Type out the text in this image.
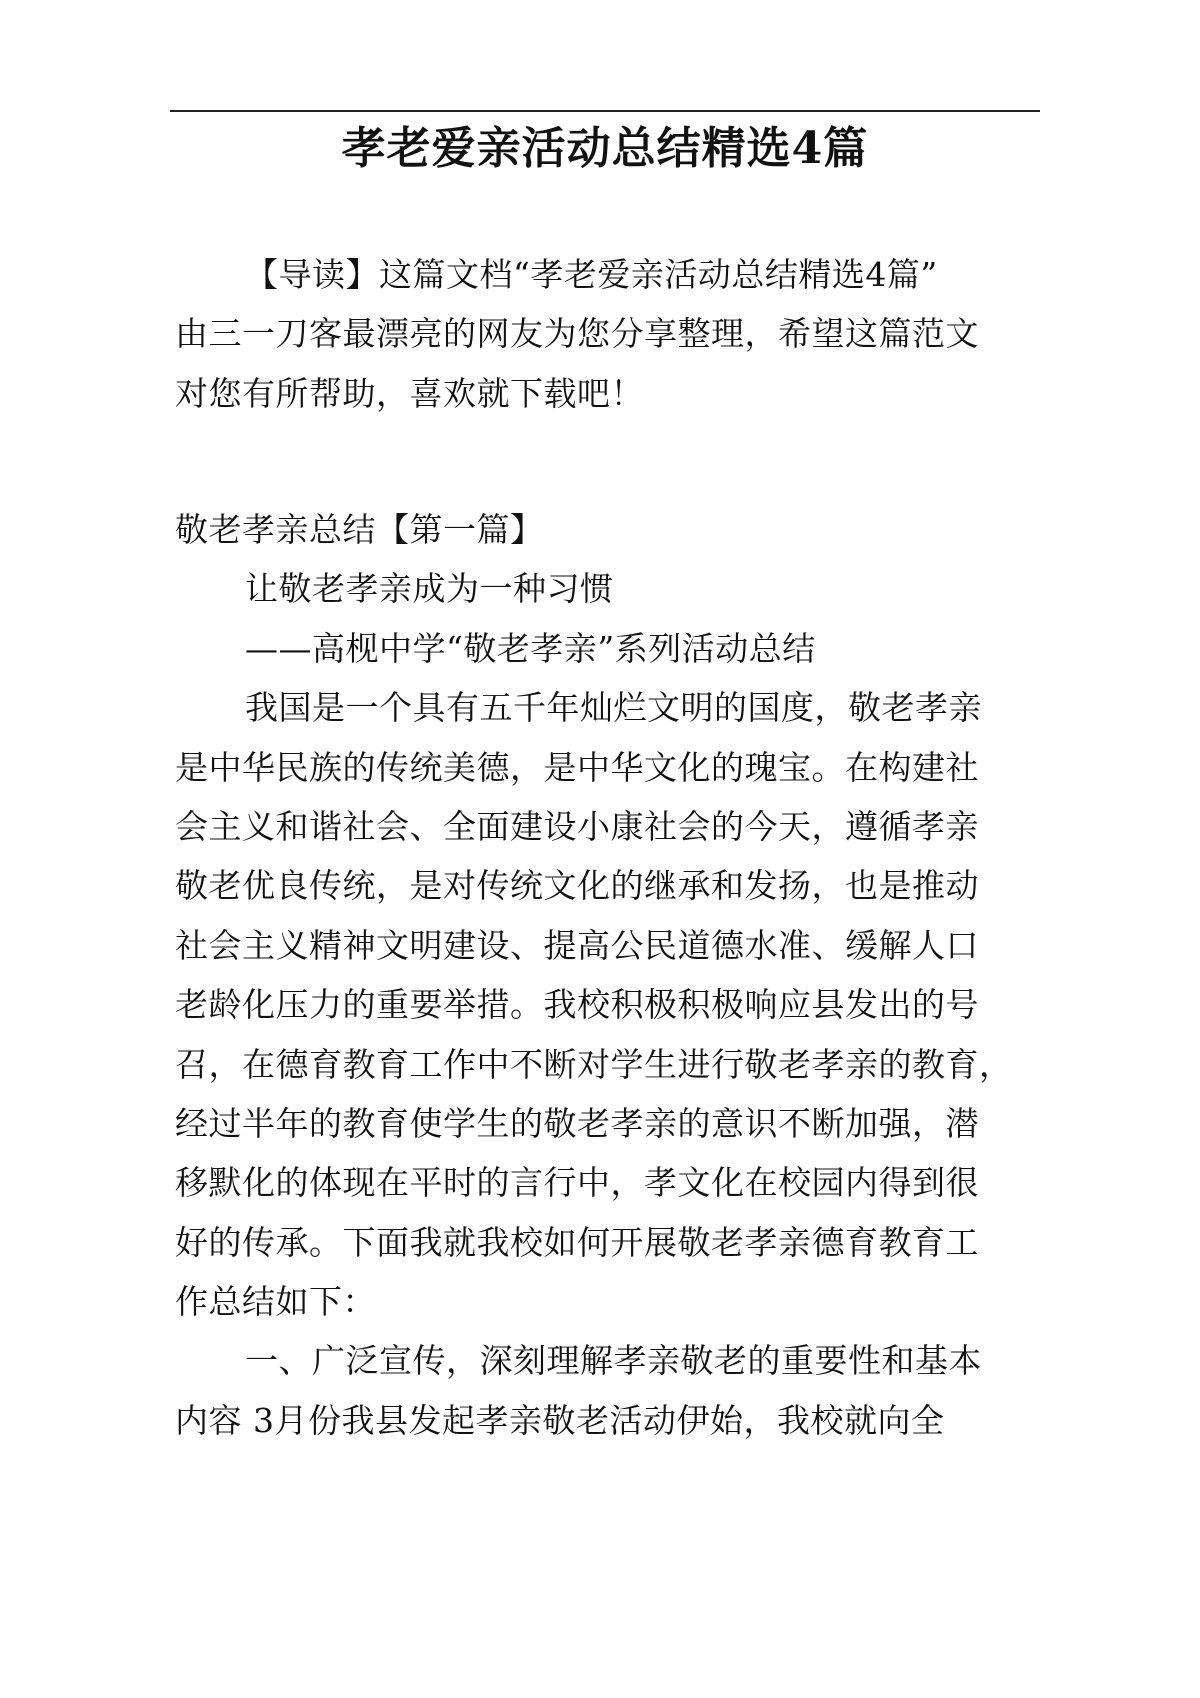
孝老爱亲活动总结精选4篇
【导读】这篇文档“孝老爱亲活动总结精选4篇”
由三一刀客最漂亮的网友为您分享整理，希望这篇范文
对您有所帮助，喜欢就下载吧！
敬老孝亲总结【第一篇】
让敬老孝亲成为一种习惯
——高枧中学“敬老孝亲”系列活动总结
我国是一个具有五千年灿烂文明的国度，敬老孝亲
是中华民族的传统美德，是中华文化的瑰宝。在构建社
会主义和谐社会、全面建设小康社会的今天，遵循孝亲
敬老优良传统，是对传统文化的继承和发扬，也是推动
社会主义精神文明建设、提高公民道德水准、缓解人口
老龄化压力的重要举措。我校积极积极响应县发出的号
召，在德育教育工作中不断对学生进行敬老孝亲的教育，
经过半年的教育使学生的敬老孝亲的意识不断加强，潜
移默化的体现在平时的言行中，孝文化在校园内得到很
好的传承。下面我就我校如何开展敬老孝亲德育教育工
作总结如下：
一、广泛宣传，深刻理解孝亲敬老的重要性和基本
内容 3月份我县发起孝亲敬老活动伊始，我校就向全
